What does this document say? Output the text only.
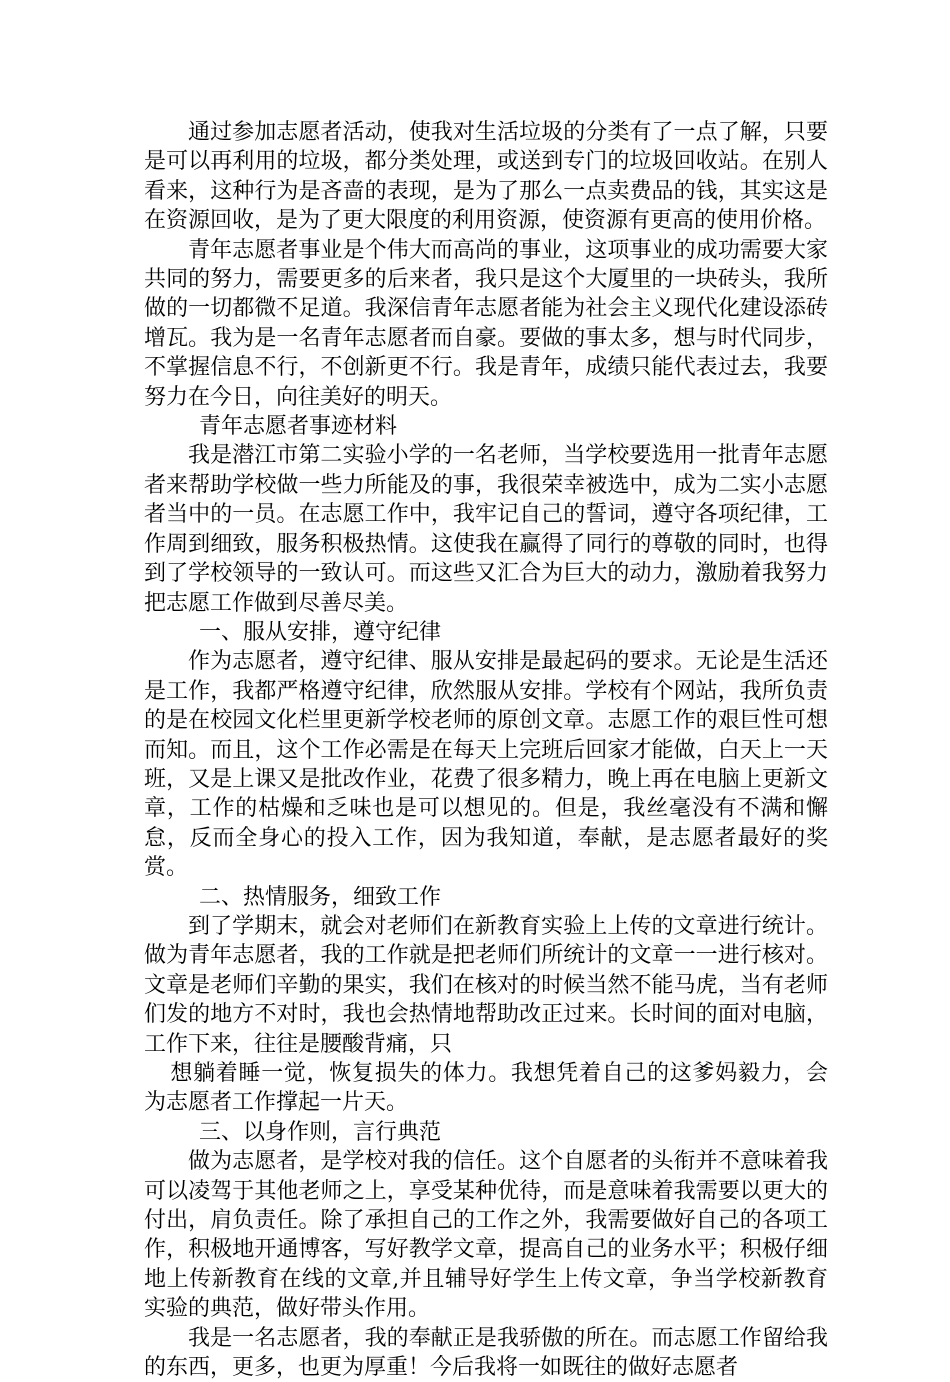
通过参加志愿者活动，使我对生活垃圾的分类有了一点了解，只要是可以再利用的垃圾，都分类处理，或送到专门的垃圾回收站。在别人看来，这种行为是吝啬的表现，是为了那么一点卖费品的钱，其实这是在资源回收，是为了更大限度的利用资源，使资源有更高的使用价格。

青年志愿者事业是个伟大而高尚的事业，这项事业的成功需要大家共同的努力，需要更多的后来者，我只是这个大厦里的一块砖头，我所做的一切都微不足道。我深信青年志愿者能为社会主义现代化建设添砖增瓦。我为是一名青年志愿者而自豪。要做的事太多，想与时代同步，不掌握信息不行，不创新更不行。我是青年，成绩只能代表过去，我要努力在今日，向往美好的明天。

青年志愿者事迹材料

我是潜江市第二实验小学的一名老师，当学校要选用一批青年志愿者来帮助学校做一些力所能及的事，我很荣幸被选中，成为二实小志愿者当中的一员。在志愿工作中，我牢记自己的誓词，遵守各项纪律，工作周到细致，服务积极热情。这使我在赢得了同行的尊敬的同时，也得到了学校领导的一致认可。而这些又汇合为巨大的动力，激励着我努力把志愿工作做到尽善尽美。

一、服从安排，遵守纪律

作为志愿者，遵守纪律、服从安排是最起码的要求。无论是生活还是工作，我都严格遵守纪律，欣然服从安排。学校有个网站，我所负责的是在校园文化栏里更新学校老师的原创文章。志愿工作的艰巨性可想而知。而且，这个工作必需是在每天上完班后回家才能做，白天上一天班，又是上课又是批改作业，花费了很多精力，晚上再在电脑上更新文章，工作的枯燥和乏味也是可以想见的。但是，我丝毫没有不满和懈怠，反而全身心的投入工作，因为我知道，奉献，是志愿者最好的奖赏。

二、热情服务，细致工作

到了学期末，就会对老师们在新教育实验上上传的文章进行统计。做为青年志愿者，我的工作就是把老师们所统计的文章一一进行核对。文章是老师们辛勤的果实，我们在核对的时候当然不能马虎，当有老师们发的地方不对时，我也会热情地帮助改正过来。长时间的面对电脑，工作下来，往往是腰酸背痛，只

想躺着睡一觉，恢复损失的体力。我想凭着自己的这爹妈毅力，会为志愿者工作撑起一片天。

三、以身作则，言行典范

做为志愿者，是学校对我的信任。这个自愿者的头衔并不意味着我可以凌驾于其他老师之上，享受某种优待，而是意味着我需要以更大的付出，肩负责任。除了承担自己的工作之外，我需要做好自己的各项工作，积极地开通博客，写好教学文章，提高自己的业务水平；积极仔细地上传新教育在线的文章,并且辅导好学生上传文章，争当学校新教育实验的典范，做好带头作用。

我是一名志愿者，我的奉献正是我骄傲的所在。而志愿工作留给我的东西，更多，也更为厚重！今后我将一如既往的做好志愿者
